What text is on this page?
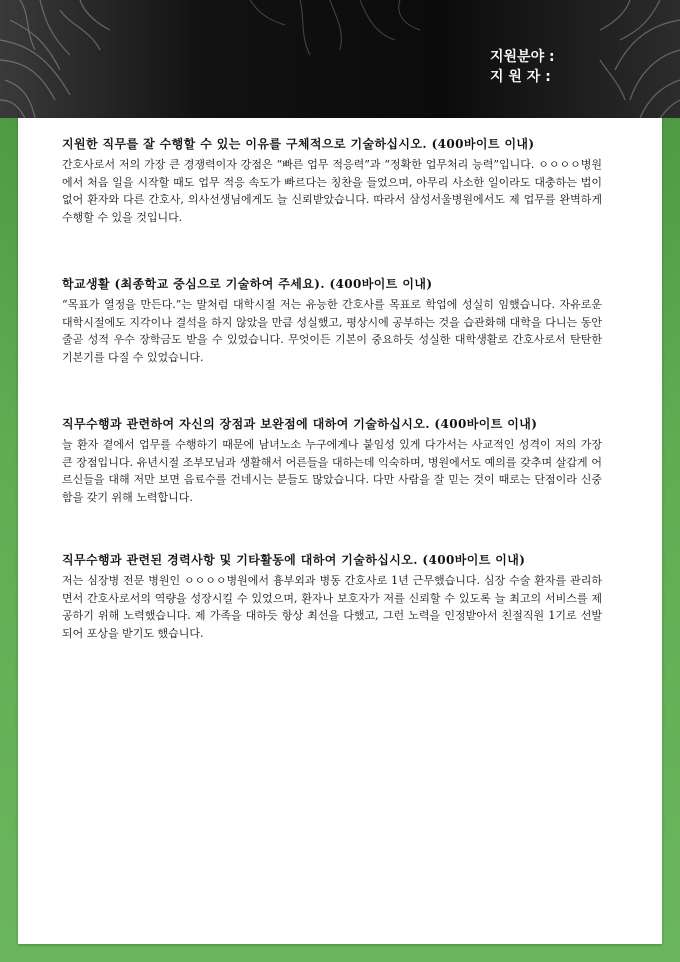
지원분야 :
지 원 자 :
지원한 직무를 잘 수행할 수 있는 이유를 구체적으로 기술하십시오. (400바이트 이내)
간호사로서 저의 가장 큰 경쟁력이자 강점은 “빠른 업무 적응력”과 “정확한 업무처리 능력”입니다. ㅇㅇㅇㅇ병원에서 처음 일을 시작할 때도 업무 적응 속도가 빠르다는 칭찬을 들었으며, 아무리 사소한 일이라도 대충하는 법이 없어 환자와 다른 간호사, 의사선생님에게도 늘 신뢰받았습니다. 따라서 삼성서울병원에서도 제 업무를 완벽하게 수행할 수 있을 것입니다.
학교생활 (최종학교 중심으로 기술하여 주세요). (400바이트 이내)
“목표가 열정을 만든다.”는 말처럼 대학시절 저는 유능한 간호사를 목표로 학업에 성실히 임했습니다. 자유로운 대학시절에도 지각이나 결석을 하지 않았을 만큼 성실했고, 평상시에 공부하는 것을 습관화해 대학을 다니는 동안 줄곧 성적 우수 장학금도 받을 수 있었습니다. 무엇이든 기본이 중요하듯 성실한 대학생활로 간호사로서 탄탄한 기본기를 다질 수 있었습니다.
직무수행과 관련하여 자신의 장점과 보완점에 대하여 기술하십시오. (400바이트 이내)
늘 환자 곁에서 업무를 수행하기 때문에 남녀노소 누구에게나 붙임성 있게 다가서는 사교적인 성격이 저의 가장 큰 장점입니다. 유년시절 조부모님과 생활해서 어른들을 대하는데 익숙하며, 병원에서도 예의를 갖추며 살갑게 어르신들을 대해 저만 보면 음료수를 건네시는 분들도 많았습니다. 다만 사람을 잘 믿는 것이 때로는 단점이라 신중함을 갖기 위해 노력합니다.
직무수행과 관련된 경력사항 및 기타활동에 대하여 기술하십시오. (400바이트 이내)
저는 심장병 전문 병원인 ㅇㅇㅇㅇ병원에서 흉부외과 병동 간호사로 1년 근무했습니다. 심장 수술 환자를 관리하면서 간호사로서의 역량을 성장시킬 수 있었으며, 환자나 보호자가 저를 신뢰할 수 있도록 늘 최고의 서비스를 제공하기 위해 노력했습니다. 제 가족을 대하듯 항상 최선을 다했고, 그런 노력을 인정받아서 친절직원 1기로 선발되어 포상을 받기도 했습니다.
